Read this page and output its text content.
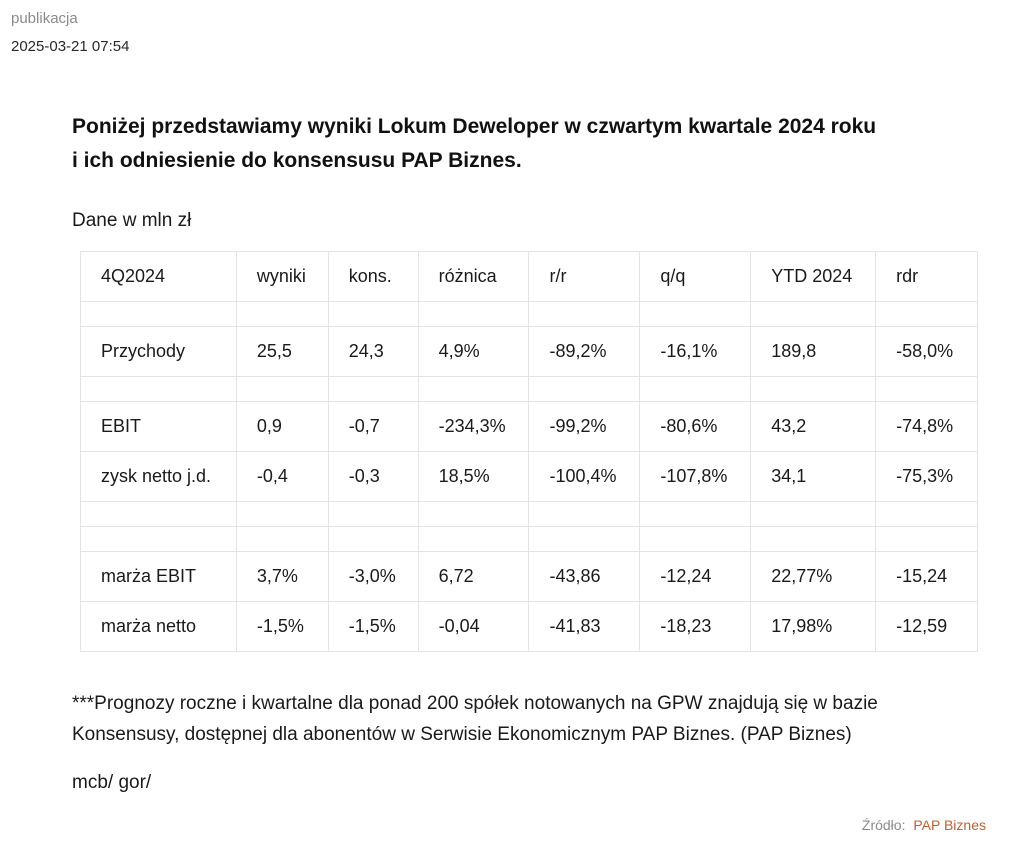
publikacja
2025-03-21 07:54
Poniżej przedstawiamy wyniki Lokum Deweloper w czwartym kwartale 2024 roku
i ich odniesienie do konsensusu PAP Biznes.
Dane w mln zł
4Q2024	wyniki	kons.	różnica	r/r	q/q	YTD 2024	rdr

Przychody	25,5	24,3	4,9%	-89,2%	-16,1%	189,8	-58,0%

EBIT	0,9	-0,7	-234,3%	-99,2%	-80,6%	43,2	-74,8%
zysk netto j.d.	-0,4	-0,3	18,5%	-100,4%	-107,8%	34,1	-75,3%

marża EBIT	3,7%	-3,0%	6,72	-43,86	-12,24	22,77%	-15,24
marża netto	-1,5%	-1,5%	-0,04	-41,83	-18,23	17,98%	-12,59
***Prognozy roczne i kwartalne dla ponad 200 spółek notowanych na GPW znajdują się w bazie
Konsensusy, dostępnej dla abonentów w Serwisie Ekonomicznym PAP Biznes. (PAP Biznes)
mcb/ gor/
Źródło: PAP Biznes
